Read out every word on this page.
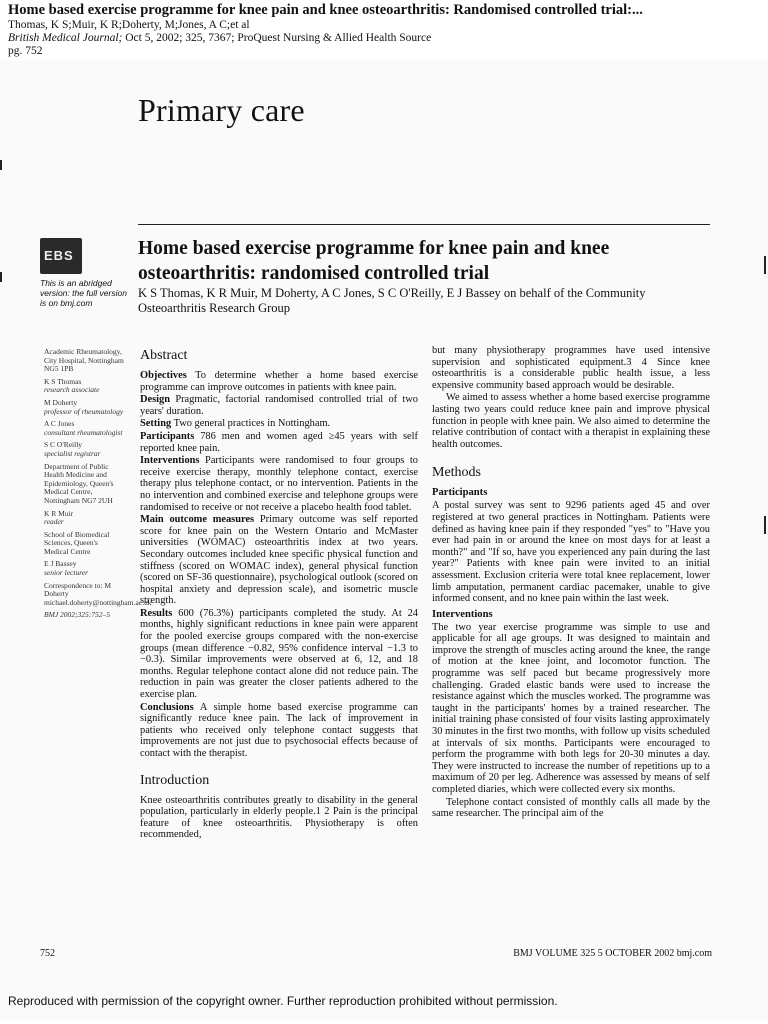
Home based exercise programme for knee pain and knee osteoarthritis: Randomised controlled trial:...
Thomas, K S;Muir, K R;Doherty, M;Jones, A C;et al
British Medical Journal; Oct 5, 2002; 325, 7367; ProQuest Nursing & Allied Health Source
pg. 752
Primary care
EBS
This is an abridged version: the full version is on bmj.com
Home based exercise programme for knee pain and knee osteoarthritis: randomised controlled trial
K S Thomas, K R Muir, M Doherty, A C Jones, S C O'Reilly, E J Bassey on behalf of the Community Osteoarthritis Research Group

Academic Rheumatology, City Hospital, Nottingham NG5 1PB

K S Thomas
research associate

M Doherty
professor of rheumatology

A C Jones
consultant rheumatologist

S C O'Reilly
specialist registrar

Department of Public Health Medicine and Epidemiology, Queen's Medical Centre, Nottingham NG7 2UH

K R Muir
reader

School of Biomedical Sciences, Queen's Medical Centre

E J Bassey
senior lecturer

Correspondence to: M Doherty michael.doherty@nottingham.ac.uk

BMJ 2002;325:752–5

Abstract

Objectives To determine whether a home based exercise programme can improve outcomes in patients with knee pain.

Design Pragmatic, factorial randomised controlled trial of two years' duration.

Setting Two general practices in Nottingham.

Participants 786 men and women aged ≥45 years with self reported knee pain.

Interventions Participants were randomised to four groups to receive exercise therapy, monthly telephone contact, exercise therapy plus telephone contact, or no intervention. Patients in the no intervention and combined exercise and telephone groups were randomised to receive or not receive a placebo health food tablet.

Main outcome measures Primary outcome was self reported score for knee pain on the Western Ontario and McMaster universities (WOMAC) osteoarthritis index at two years. Secondary outcomes included knee specific physical function and stiffness (scored on WOMAC index), general physical function (scored on SF-36 questionnaire), psychological outlook (scored on hospital anxiety and depression scale), and isometric muscle strength.

Results 600 (76.3%) participants completed the study. At 24 months, highly significant reductions in knee pain were apparent for the pooled exercise groups compared with the non-exercise groups (mean difference −0.82, 95% confidence interval −1.3 to −0.3). Similar improvements were observed at 6, 12, and 18 months. Regular telephone contact alone did not reduce pain. The reduction in pain was greater the closer patients adhered to the exercise plan.

Conclusions A simple home based exercise programme can significantly reduce knee pain. The lack of improvement in patients who received only telephone contact suggests that improvements are not just due to psychosocial effects because of contact with the therapist.

Introduction

Knee osteoarthritis contributes greatly to disability in the general population, particularly in elderly people.1 2 Pain is the principal feature of knee osteoarthritis. Physiotherapy is often recommended,

but many physiotherapy programmes have used intensive supervision and sophisticated equipment.3 4 Since knee osteoarthritis is a considerable public health issue, a less expensive community based approach would be desirable.

We aimed to assess whether a home based exercise programme lasting two years could reduce knee pain and improve physical function in people with knee pain. We also aimed to determine the relative contribution of contact with a therapist in explaining these health outcomes.

Methods
Participants

A postal survey was sent to 9296 patients aged 45 and over registered at two general practices in Nottingham. Patients were defined as having knee pain if they responded "yes" to "Have you ever had pain in or around the knee on most days for at least a month?" and "If so, have you experienced any pain during the last year?" Patients with knee pain were invited to an initial assessment. Exclusion criteria were total knee replacement, lower limb amputation, permanent cardiac pacemaker, unable to give informed consent, and no knee pain within the last week.

Interventions

The two year exercise programme was simple to use and applicable for all age groups. It was designed to maintain and improve the strength of muscles acting around the knee, the range of motion at the knee joint, and locomotor function. The programme was self paced but became progressively more challenging. Graded elastic bands were used to increase the resistance against which the muscles worked. The programme was taught in the participants' homes by a trained researcher. The initial training phase consisted of four visits lasting approximately 30 minutes in the first two months, with follow up visits scheduled at intervals of six months. Participants were encouraged to perform the programme with both legs for 20-30 minutes a day. They were instructed to increase the number of repetitions up to a maximum of 20 per leg. Adherence was assessed by means of self completed diaries, which were collected every six months.

Telephone contact consisted of monthly calls all made by the same researcher. The principal aim of the

752	BMJ VOLUME 325 5 OCTOBER 2002 bmj.com
Reproduced with permission of the copyright owner. Further reproduction prohibited without permission.
